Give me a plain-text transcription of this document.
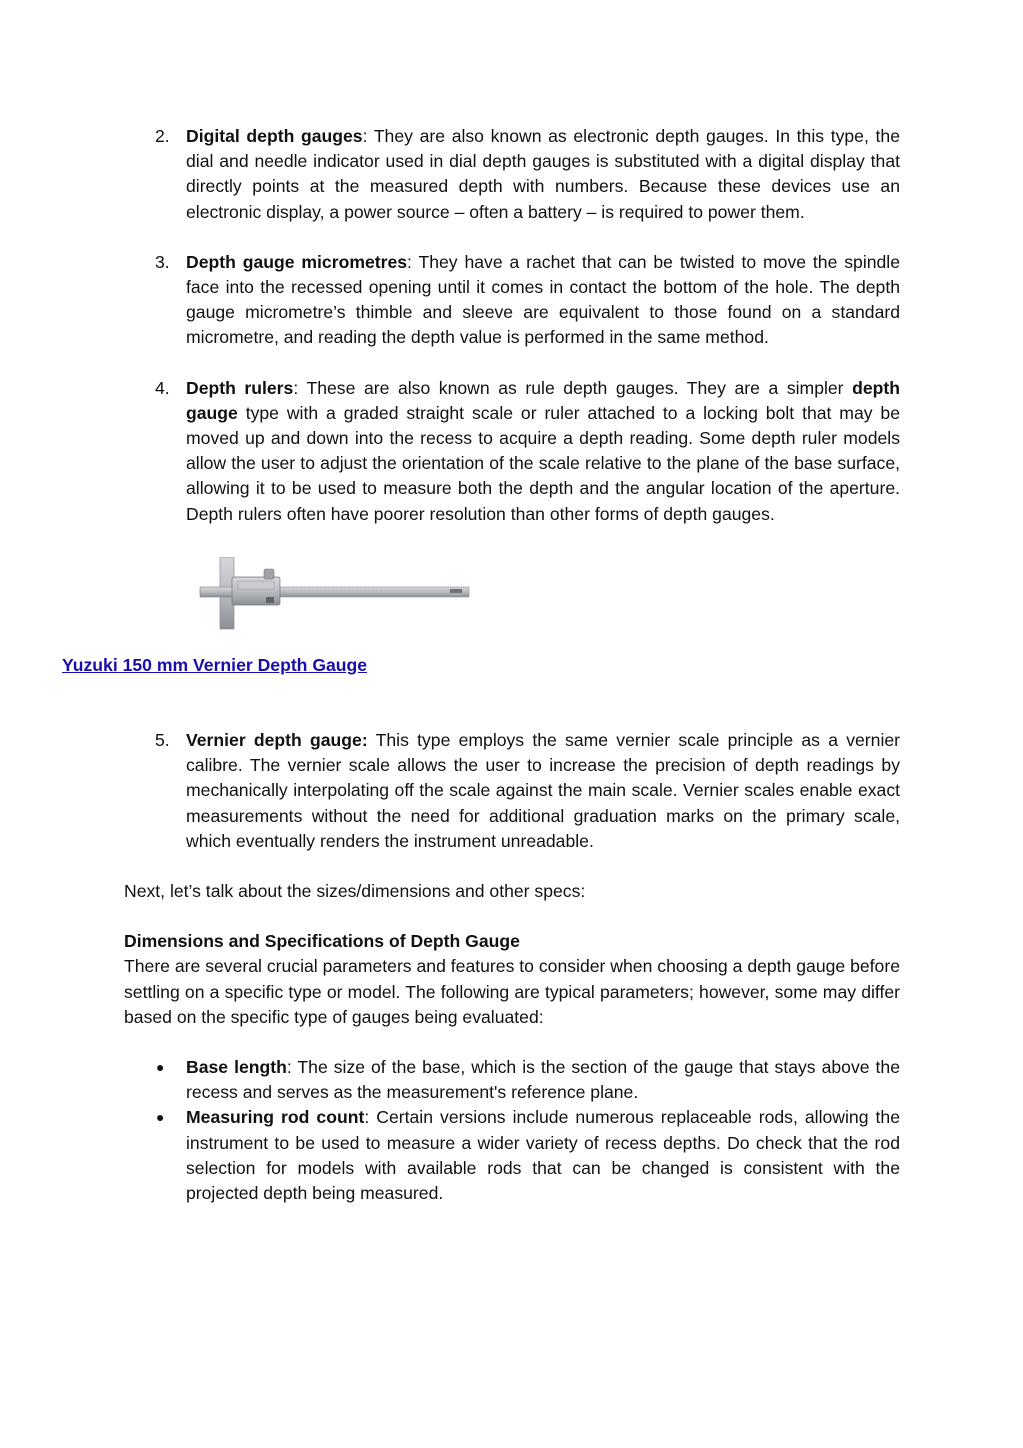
2. Digital depth gauges: They are also known as electronic depth gauges. In this type, the dial and needle indicator used in dial depth gauges is substituted with a digital display that directly points at the measured depth with numbers. Because these devices use an electronic display, a power source – often a battery – is required to power them.
3. Depth gauge micrometres: They have a rachet that can be twisted to move the spindle face into the recessed opening until it comes in contact the bottom of the hole. The depth gauge micrometre’s thimble and sleeve are equivalent to those found on a standard micrometre, and reading the depth value is performed in the same method.
4. Depth rulers: These are also known as rule depth gauges. They are a simpler depth gauge type with a graded straight scale or ruler attached to a locking bolt that may be moved up and down into the recess to acquire a depth reading. Some depth ruler models allow the user to adjust the orientation of the scale relative to the plane of the base surface, allowing it to be used to measure both the depth and the angular location of the aperture. Depth rulers often have poorer resolution than other forms of depth gauges.
Yuzuki 150 mm Vernier Depth Gauge
5. Vernier depth gauge: This type employs the same vernier scale principle as a vernier calibre. The vernier scale allows the user to increase the precision of depth readings by mechanically interpolating off the scale against the main scale. Vernier scales enable exact measurements without the need for additional graduation marks on the primary scale, which eventually renders the instrument unreadable.
Next, let’s talk about the sizes/dimensions and other specs:
Dimensions and Specifications of Depth Gauge
There are several crucial parameters and features to consider when choosing a depth gauge before settling on a specific type or model. The following are typical parameters; however, some may differ based on the specific type of gauges being evaluated:
● Base length: The size of the base, which is the section of the gauge that stays above the recess and serves as the measurement's reference plane.
● Measuring rod count: Certain versions include numerous replaceable rods, allowing the instrument to be used to measure a wider variety of recess depths. Do check that the rod selection for models with available rods that can be changed is consistent with the projected depth being measured.
